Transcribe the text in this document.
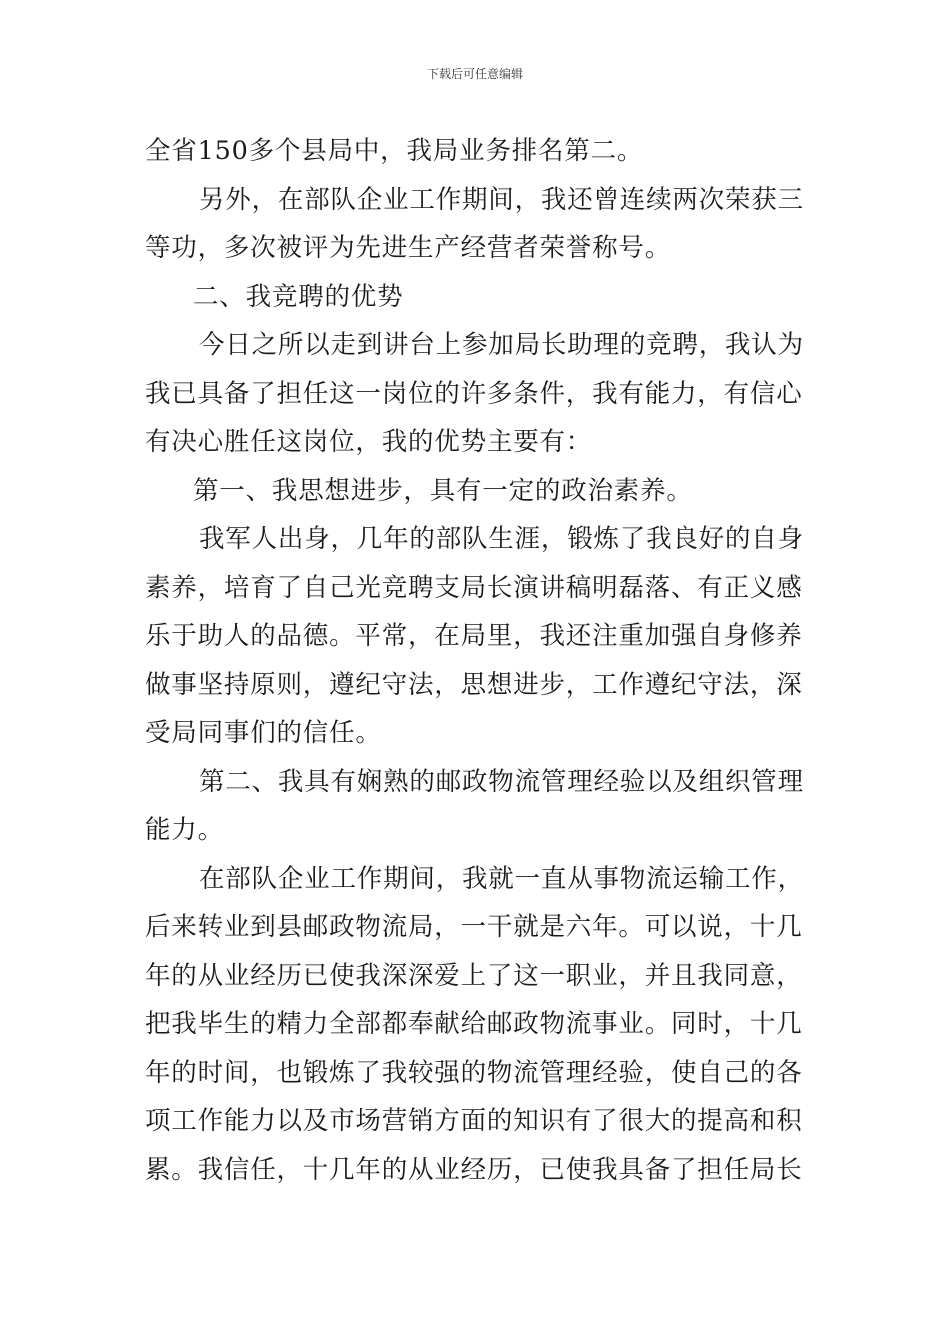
下载后可任意编辑
全省150多个县局中，我局业务排名第二。
另外，在部队企业工作期间，我还曾连续两次荣获三
等功，多次被评为先进生产经营者荣誉称号。
二、我竞聘的优势
今日之所以走到讲台上参加局长助理的竞聘，我认为
我已具备了担任这一岗位的许多条件，我有能力，有信心
有决心胜任这岗位，我的优势主要有：
第一、我思想进步，具有一定的政治素养。
我军人出身，几年的部队生涯，锻炼了我良好的自身
素养，培育了自己光竞聘支局长演讲稿明磊落、有正义感
乐于助人的品德。平常，在局里，我还注重加强自身修养
做事坚持原则，遵纪守法，思想进步，工作遵纪守法，深
受局同事们的信任。
第二、我具有娴熟的邮政物流管理经验以及组织管理
能力。
在部队企业工作期间，我就一直从事物流运输工作，
后来转业到县邮政物流局，一干就是六年。可以说，十几
年的从业经历已使我深深爱上了这一职业，并且我同意，
把我毕生的精力全部都奉献给邮政物流事业。同时，十几
年的时间，也锻炼了我较强的物流管理经验，使自己的各
项工作能力以及市场营销方面的知识有了很大的提高和积
累。我信任，十几年的从业经历，已使我具备了担任局长
